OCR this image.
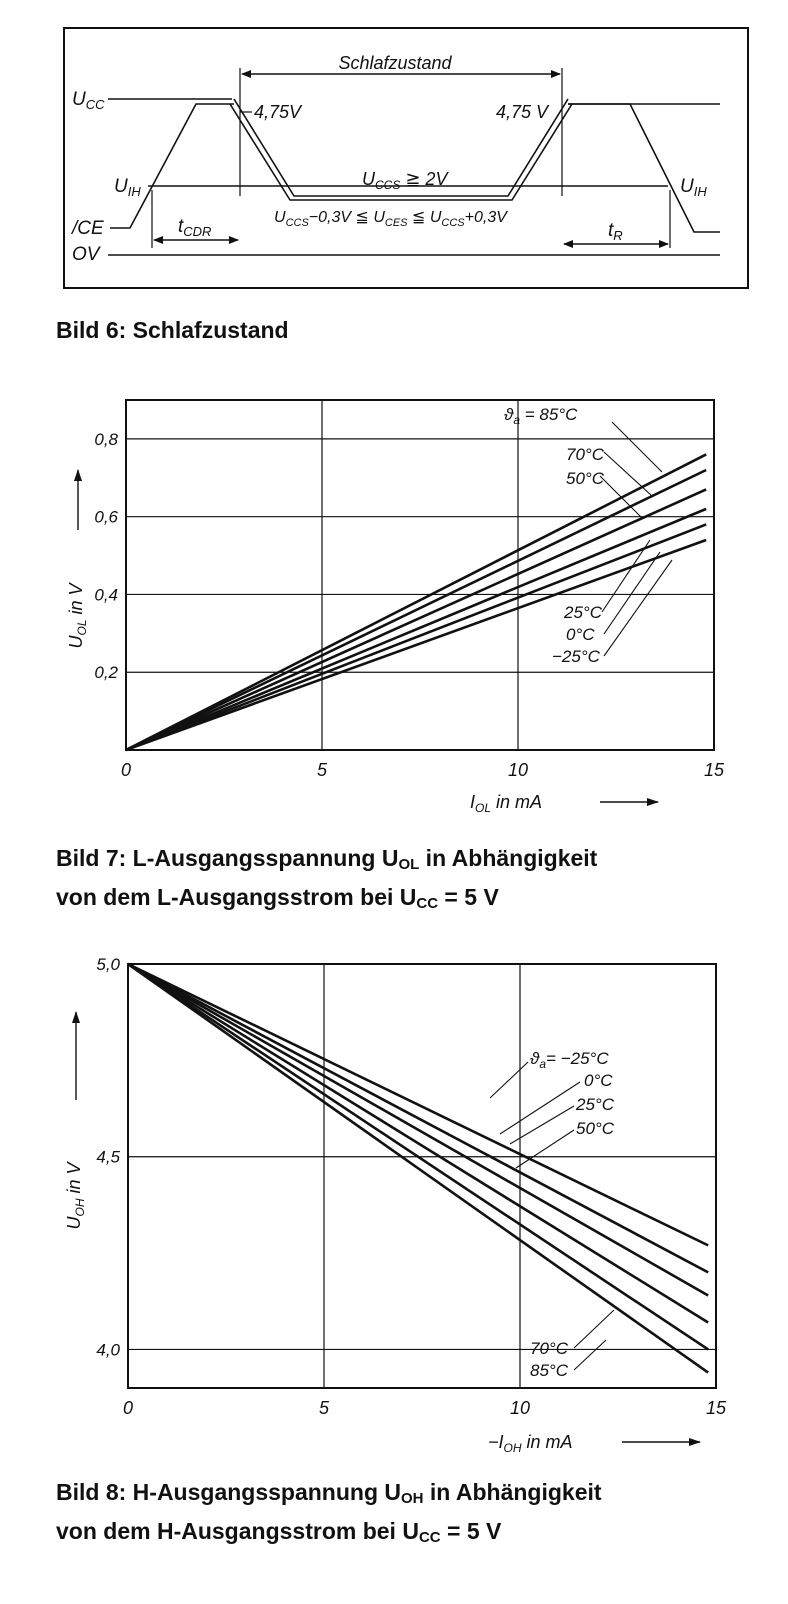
Schlafzustand
$U_{CC}$
$U_{IH}$	$U_{IH}$
4,75V	4,75 V
$U_{CCS}$ ≧ 2V
$U_{CCS}-0,3V$ ≦ $U_{CES}$ ≦ $U_{CCS}+0,3V$
/CE
OV
$t_{CDR}$	$t_R$

Bild 6: Schlafzustand

0	5	10	15
0,2
0,4
0,6
0,8
$ϑ_a = 85^\circ C$
70°C
50°C
25°C
0°C
−25°C
$I_{OL}$ in mA
$U_{OL}$ in V

Bild 7: L-Ausgangsspannung $U_{OL}$ in Abhängigkeit
von dem L-Ausgangsstrom bei $U_{CC} = 5$ V

0	5	10	15
5,0
4,5
4,0
$ϑ_a= -25^\circ C$
0°C
25°C
50°C
70°C
85°C
$-I_{OH}$ in mA
$U_{OH}$ in V

Bild 8: H-Ausgangsspannung $U_{OH}$ in Abhängigkeit
von dem H-Ausgangsstrom bei $U_{CC} = 5$ V
